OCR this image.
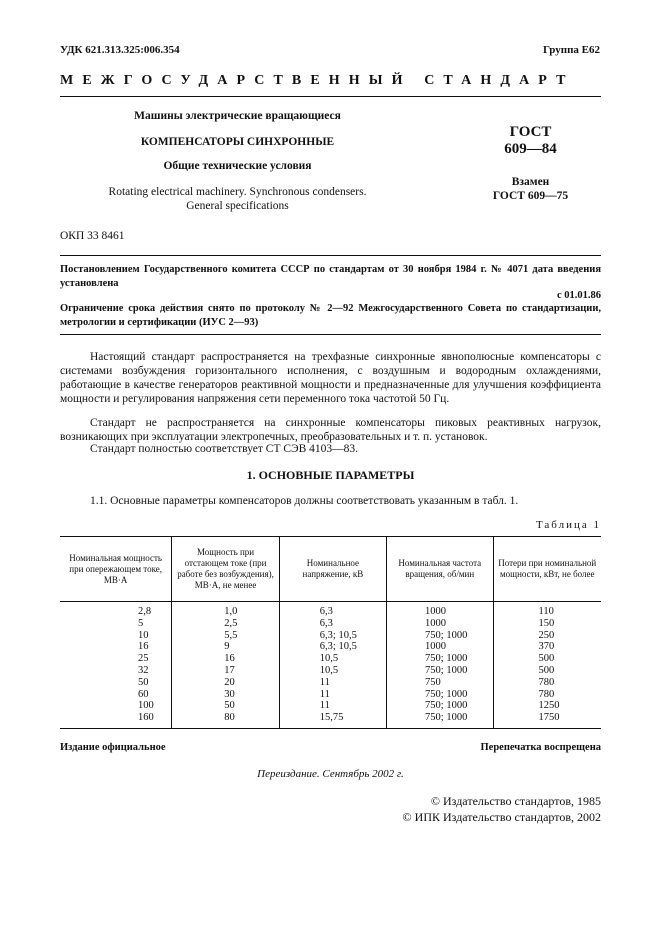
УДК 621.313.325:006.354	Группа E62
МЕЖГОСУДАРСТВЕННЫЙ СТАНДАРТ
Машины электрические вращающиеся
КОМПЕНСАТОРЫ СИНХРОННЫЕ
Общие технические условия
Rotating electrical machinery. Synchronous condensers.
General specifications
ОКП 33 8461
ГОСТ
609—84
Взамен
ГОСТ 609—75
Постановлением Государственного комитета СССР по стандартам от 30 ноября 1984 г. № 4071 дата введения установлена
с 01.01.86
Ограничение срока действия снято по протоколу № 2—92 Межгосударственного Совета по стандартизации, метрологии и сертификации (ИУС 2—93)
Настоящий стандарт распространяется на трехфазные синхронные явнополюсные компенсаторы с системами возбуждения горизонтального исполнения, с воздушным и водородным охлаждениями, работающие в качестве генераторов реактивной мощности и предназначенные для улучшения коэффициента мощности и регулирования напряжения сети переменного тока частотой 50 Гц.
Стандарт не распространяется на синхронные компенсаторы пиковых реактивных нагрузок, возникающих при эксплуатации электропечных, преобразовательных и т. п. установок.
Стандарт полностью соответствует СТ СЭВ 4103—83.
1. ОСНОВНЫЕ ПАРАМЕТРЫ
1.1. Основные параметры компенсаторов должны соответствовать указанным в табл. 1.
Таблица 1
Номинальная мощность при опережающем токе, МВ·А	Мощность при отстающем токе (при работе без возбуждения), МВ·А, не менее	Номинальное напряжение, кВ	Номинальная частота вращения, об/мин	Потери при номинальной мощности, кВт, не более
2,8	1,0	6,3	1000	110
5	2,5	6,3	1000	150
10	5,5	6,3; 10,5	750; 1000	250
16	9	6,3; 10,5	1000	370
25	16	10,5	750; 1000	500
32	17	10,5	750; 1000	500
50	20	11	750	780
60	30	11	750; 1000	780
100	50	11	750; 1000	1250
160	80	15,75	750; 1000	1750
Издание официальное	Перепечатка воспрещена
Переиздание. Сентябрь 2002 г.
© Издательство стандартов, 1985
© ИПК Издательство стандартов, 2002
